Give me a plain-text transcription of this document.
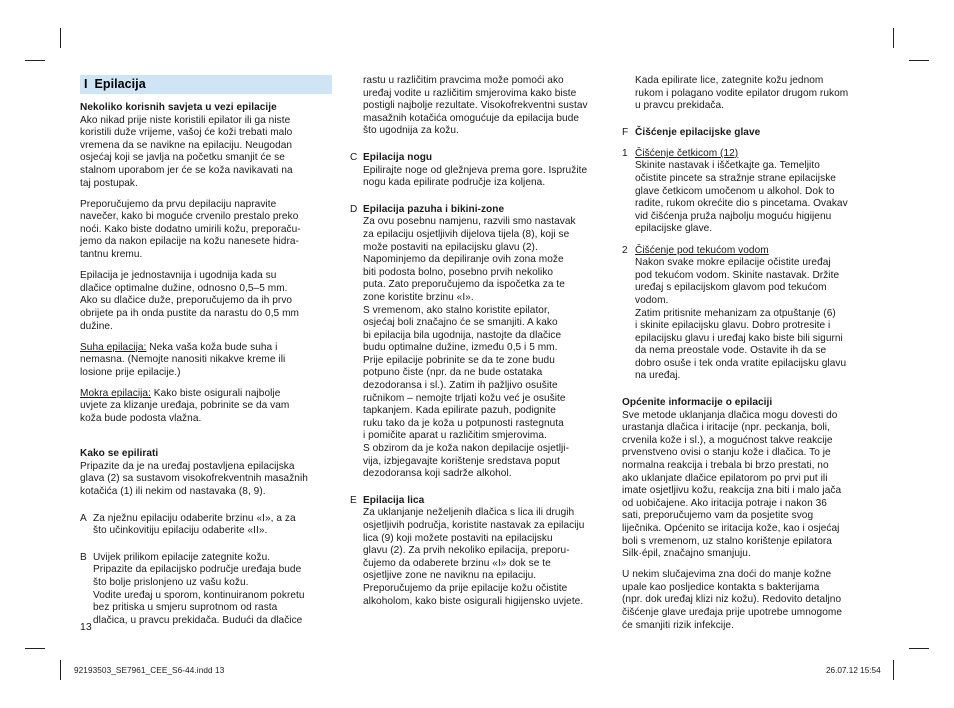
I Epilacija
Nekoliko korisnih savjeta u vezi epilacije
Ako nikad prije niste koristili epilator ili ga niste
koristili duže vrijeme, vašoj će koži trebati malo
vremena da se navikne na epilaciju. Neugodan
osjećaj koji se javlja na početku smanjit će se
stalnom uporabom jer će se koža navikavati na
taj postupak.
Preporučujemo da prvu depilaciju napravite
navečer, kako bi moguće crvenilo prestalo preko
noći. Kako biste dodatno umirili kožu, preporaču-
jemo da nakon epilacije na kožu nanesete hidra-
tantnu kremu.
Epilacija je jednostavnija i ugodnija kada su
dlačice optimalne dužine, odnosno 0,5–5 mm.
Ako su dlačice duže, preporučujemo da ih prvo
obrijete pa ih onda pustite da narastu do 0,5 mm
dužine.
Suha epilacija: Neka vaša koža bude suha i
nemasna. (Nemojte nanositi nikakve kreme ili
losione prije epilacije.)
Mokra epilacija: Kako biste osigurali najbolje
uvjete za klizanje uređaja, pobrinite se da vam
koža bude podosta vlažna.
Kako se epilirati
Pripazite da je na uređaj postavljena epilacijska
glava (2) sa sustavom visokofrekventnih masažnih
kotačića (1) ili nekim od nastavaka (8, 9).
A Za nježnu epilaciju odaberite brzinu «I», a za
što učinkovitiju epilaciju odaberite «II».
B Uvijek prilikom epilacije zategnite kožu.
Pripazite da epilacijsko područje uređaja bude
što bolje prislonjeno uz vašu kožu.
Vodite uređaj u sporom, kontinuiranom pokretu
bez pritiska u smjeru suprotnom od rasta
dlačica, u pravcu prekidača. Budući da dlačice
rastu u različitim pravcima može pomoći ako
uređaj vodite u različitim smjerovima kako biste
postigli najbolje rezultate. Visokofrekventni sustav
masažnih kotačića omogućuje da epilacija bude
što ugodnija za kožu.
C Epilacija nogu
Epilirajte noge od gležnjeva prema gore. Ispružite
nogu kada epilirate područje iza koljena.
D Epilacija pazuha i bikini-zone
Za ovu posebnu namjenu, razvili smo nastavak
za epilaciju osjetljivih dijelova tijela (8), koji se
može postaviti na epilacijsku glavu (2).
Napominjemo da depiliranje ovih zona može
biti podosta bolno, posebno prvih nekoliko
puta. Zato preporučujemo da ispočetka za te
zone koristite brzinu «I».
S vremenom, ako stalno koristite epilator,
osjećaj boli značajno će se smanjiti. A kako
bi epilacija bila ugodnija, nastojte da dlačice
budu optimalne dužine, između 0,5 i 5 mm.
Prije epilacije pobrinite se da te zone budu
potpuno čiste (npr. da ne bude ostataka
dezodoransa i sl.). Zatim ih pažljivo osušite
ručnikom – nemojte trljati kožu već je osušite
tapkanjem. Kada epilirate pazuh, podignite
ruku tako da je koža u potpunosti rastegnuta
i pomičite aparat u različitim smjerovima.
S obzirom da je koža nakon depilacije osjetlji-
vija, izbjegavajte korištenje sredstava poput
dezodoransa koji sadrže alkohol.
E Epilacija lica
Za uklanjanje neželjenih dlačica s lica ili drugih
osjetljivih područja, koristite nastavak za epilaciju
lica (9) koji možete postaviti na epilacijsku
glavu (2). Za prvih nekoliko epilacija, preporu-
čujemo da odaberete brzinu «I» dok se te
osjetljive zone ne naviknu na epilaciju.
Preporučujemo da prije epilacije kožu očistite
alkoholom, kako biste osigurali higijensko uvjete.
Kada epilirate lice, zategnite kožu jednom
rukom i polagano vodite epilator drugom rukom
u pravcu prekidača.
F Čišćenje epilacijske glave
1 Čišćenje četkicom (12)
Skinite nastavak i iščetkajte ga. Temeljito
očistite pincete sa stražnje strane epilacijske
glave četkicom umočenom u alkohol. Dok to
radite, rukom okrećite dio s pincetama. Ovakav
vid čišćenja pruža najbolju moguću higijenu
epilacijske glave.
2 Čišćenje pod tekućom vodom
Nakon svake mokre epilacije očistite uređaj
pod tekućom vodom. Skinite nastavak. Držite
uređaj s epilacijskom glavom pod tekućom
vodom.
Zatim pritisnite mehanizam za otpuštanje (6)
i skinite epilacijsku glavu. Dobro protresite i
epilacijsku glavu i uređaj kako biste bili sigurni
da nema preostale vode. Ostavite ih da se
dobro osuše i tek onda vratite epilacijsku glavu
na uređaj.
Općenite informacije o epilaciji
Sve metode uklanjanja dlačica mogu dovesti do
urastanja dlačica i iritacije (npr. peckanja, boli,
crvenila kože i sl.), a mogućnost takve reakcije
prvenstveno ovisi o stanju kože i dlačica. To je
normalna reakcija i trebala bi brzo prestati, no
ako uklanjate dlačice epilatorom po prvi put ili
imate osjetljivu kožu, reakcija zna biti i malo jača
od uobičajene. Ako iritacija potraje i nakon 36
sati, preporučujemo vam da posjetite svog
liječnika. Općenito se iritacija kože, kao i osjećaj
boli s vremenom, uz stalno korištenje epilatora
Silk·épil, značajno smanjuju.
U nekim slučajevima zna doći do manje kožne
upale kao posljedice kontakta s bakterijama
(npr. dok uređaj klizi niz kožu). Redovito detaljno
čišćenje glave uređaja prije upotrebe umnogome
će smanjiti rizik infekcije.
13
92193503_SE7961_CEE_S6-44.indd 13	26.07.12 15:54
